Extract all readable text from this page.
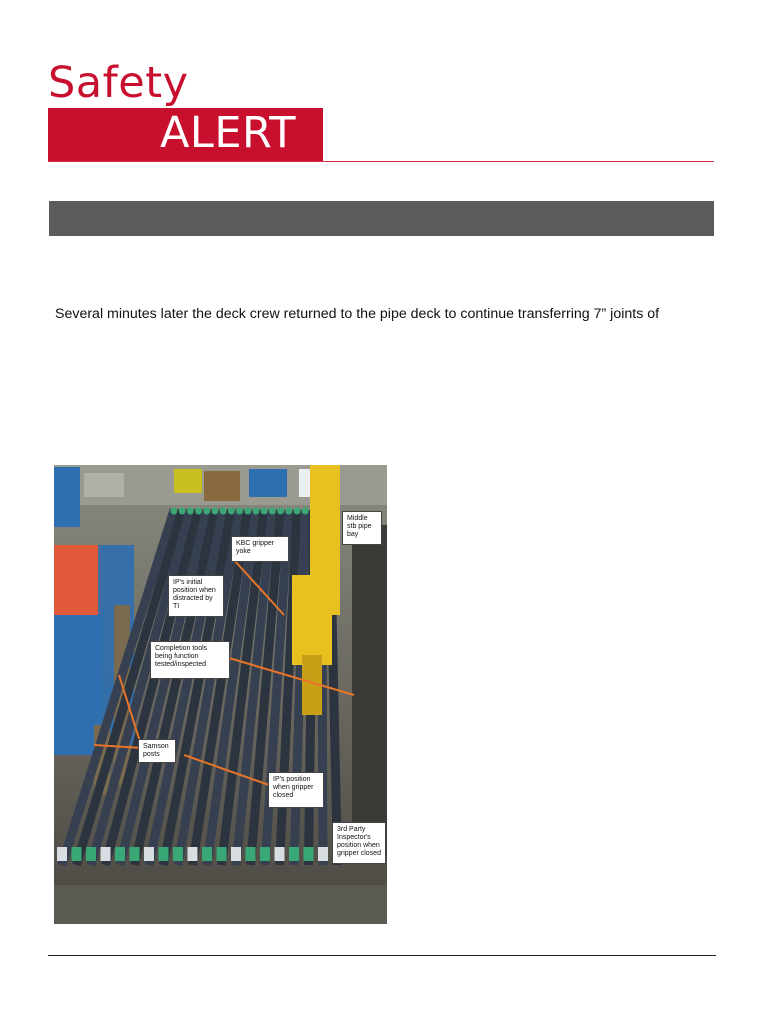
Safety
ALERT
Several minutes later the deck crew returned to the pipe deck to continue transferring 7” joints of
Middle stb pipe bay
KBC gripper yoke
IP's initial position when distracted by TI
Completion tools being function tested/inspected
Samson posts
IP's position when gripper closed
3rd Party Inspector's position when gripper closed
